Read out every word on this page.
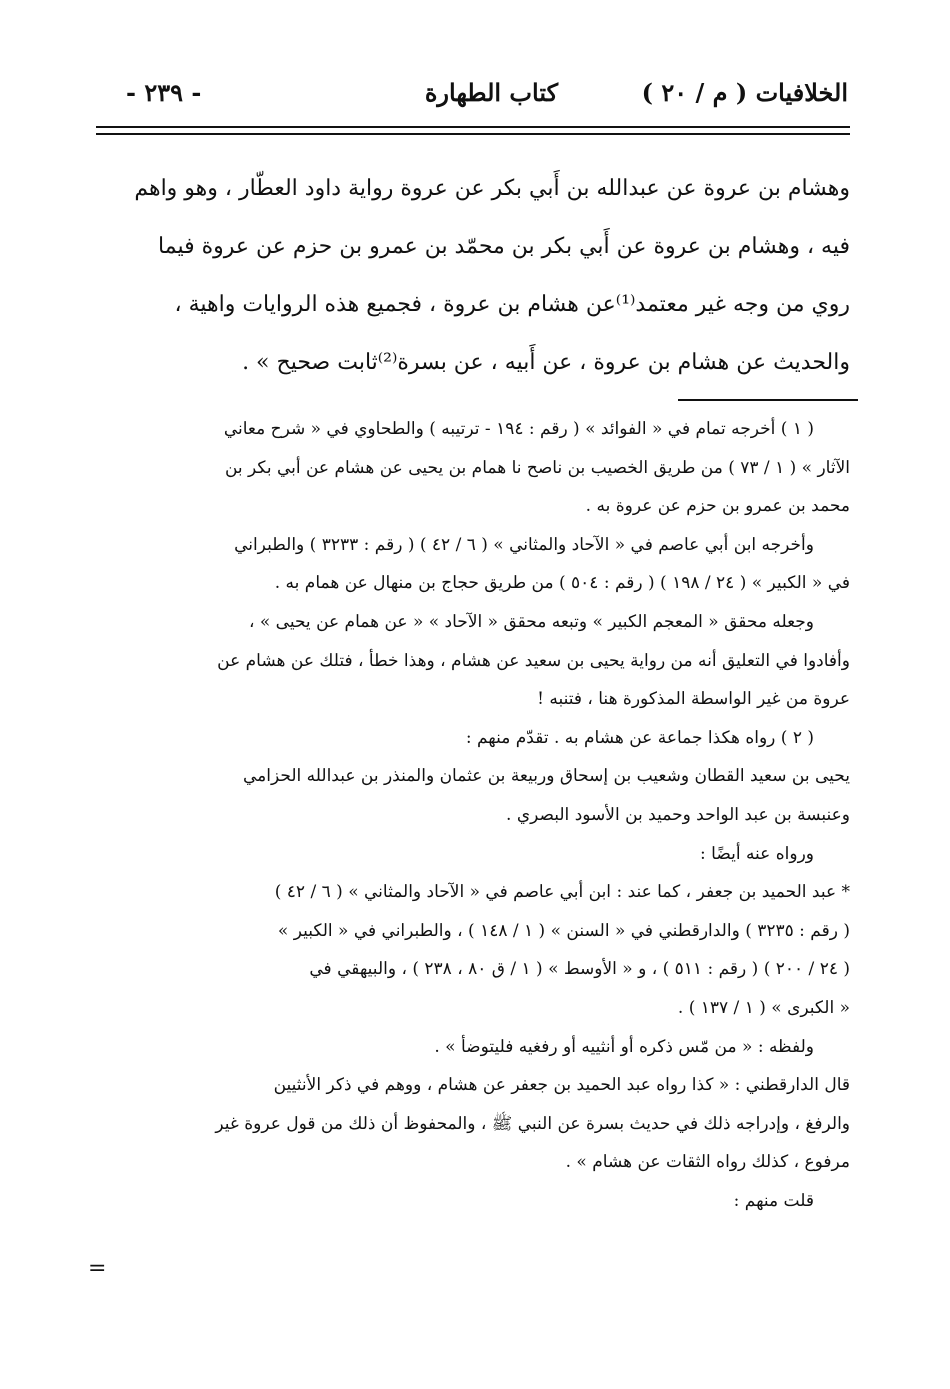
الخلافيات ( م / ٢٠ )
كتاب الطهارة
- ٢٣٩ -

وهشام بن عروة عن عبدالله بن أَبي بكر عن عروة رواية داود العطّار ، وهو واهم

فيه ، وهشام بن عروة عن أَبي بكر بن محمّد بن عمرو بن حزم عن عروة فيما

روي من وجه غير معتمد⁽¹⁾عن هشام بن عروة ، فجميع هذه الروايات واهية ،

والحديث عن هشام بن عروة ، عن أَبيه ، عن بسرة⁽²⁾ثابت صحيح » .

( ١ ) أخرجه تمام في « الفوائد » ( رقم : ١٩٤ - ترتيبه ) والطحاوي في « شرح معاني

الآثار » ( ١ / ٧٣ ) من طريق الخصيب بن ناصح نا همام بن يحيى عن هشام عن أبي بكر بن

محمد بن عمرو بن حزم عن عروة به .

وأخرجه ابن أبي عاصم في « الآحاد والمثاني » ( ٦ / ٤٢ ) ( رقم : ٣٢٣٣ ) والطبراني

في « الكبير » ( ٢٤ / ١٩٨ ) ( رقم : ٥٠٤ ) من طريق حجاج بن منهال عن همام به .

وجعله محقق « المعجم الكبير » وتبعه محقق « الآحاد » « عن همام عن يحيى » ،

وأفادوا في التعليق أنه من رواية يحيى بن سعيد عن هشام ، وهذا خطأ ، فتلك عن هشام عن

عروة من غير الواسطة المذكورة هنا ، فتنبه !

( ٢ ) رواه هكذا جماعة عن هشام به . تقدّم منهم :

يحيى بن سعيد القطان وشعيب بن إسحاق وربيعة بن عثمان والمنذر بن عبدالله الحزامي

وعنبسة بن عبد الواحد وحميد بن الأسود البصري .

ورواه عنه أيضًا :

* عبد الحميد بن جعفر ، كما عند : ابن أبي عاصم في « الآحاد والمثاني » ( ٦ / ٤٢ )

( رقم : ٣٢٣٥ ) والدارقطني في « السنن » ( ١ / ١٤٨ ) ، والطبراني في « الكبير »

( ٢٤ / ٢٠٠ ) ( رقم : ٥١١ ) ، و « الأوسط » ( ١ / ق ٨٠ ، ٢٣٨ ) ، والبيهقي في

« الكبرى » ( ١ / ١٣٧ ) .

ولفظه : « من مّس ذكره أو أنثييه أو رفغيه فليتوضأ » .

قال الدارقطني : « كذا رواه عبد الحميد بن جعفر عن هشام ، ووهم في ذكر الأنثيين

والرفغ ، وإدراجه ذلك في حديث بسرة عن النبي ﷺ ، والمحفوظ أن ذلك من قول عروة غير

مرفوع ، كذلك رواه الثقات عن هشام » .

قلت منهم :

=
